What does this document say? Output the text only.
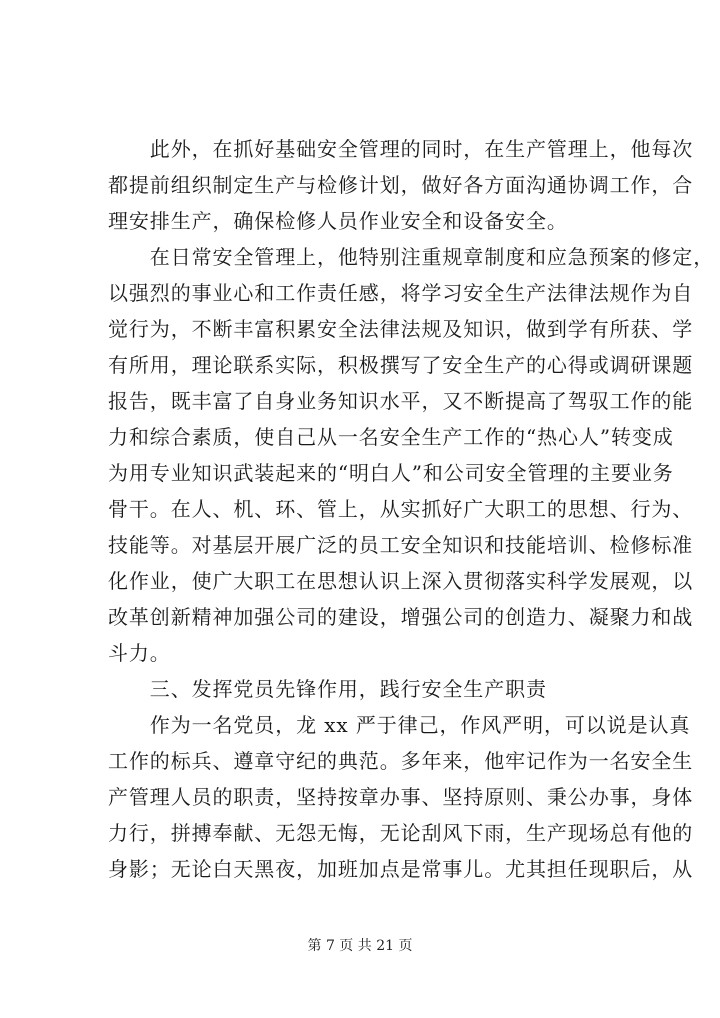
　　此外，在抓好基础安全管理的同时，在生产管理上，他每次
都提前组织制定生产与检修计划，做好各方面沟通协调工作，合
理安排生产，确保检修人员作业安全和设备安全。
　　在日常安全管理上，他特别注重规章制度和应急预案的修定，
以强烈的事业心和工作责任感，将学习安全生产法律法规作为自
觉行为，不断丰富积累安全法律法规及知识，做到学有所获、学
有所用，理论联系实际，积极撰写了安全生产的心得或调研课题
报告，既丰富了自身业务知识水平，又不断提高了驾驭工作的能
力和综合素质，使自己从一名安全生产工作的“热心人”转变成
为用专业知识武装起来的“明白人”和公司安全管理的主要业务
骨干。在人、机、环、管上，从实抓好广大职工的思想、行为、
技能等。对基层开展广泛的员工安全知识和技能培训、检修标准
化作业，使广大职工在思想认识上深入贯彻落实科学发展观，以
改革创新精神加强公司的建设，增强公司的创造力、凝聚力和战
斗力。
　　三、发挥党员先锋作用，践行安全生产职责
　　作为一名党员，龙 xx 严于律己，作风严明，可以说是认真
工作的标兵、遵章守纪的典范。多年来，他牢记作为一名安全生
产管理人员的职责，坚持按章办事、坚持原则、秉公办事，身体
力行，拼搏奉献、无怨无悔，无论刮风下雨，生产现场总有他的
身影；无论白天黑夜，加班加点是常事儿。尤其担任现职后，从
第 7 页 共 21 页
